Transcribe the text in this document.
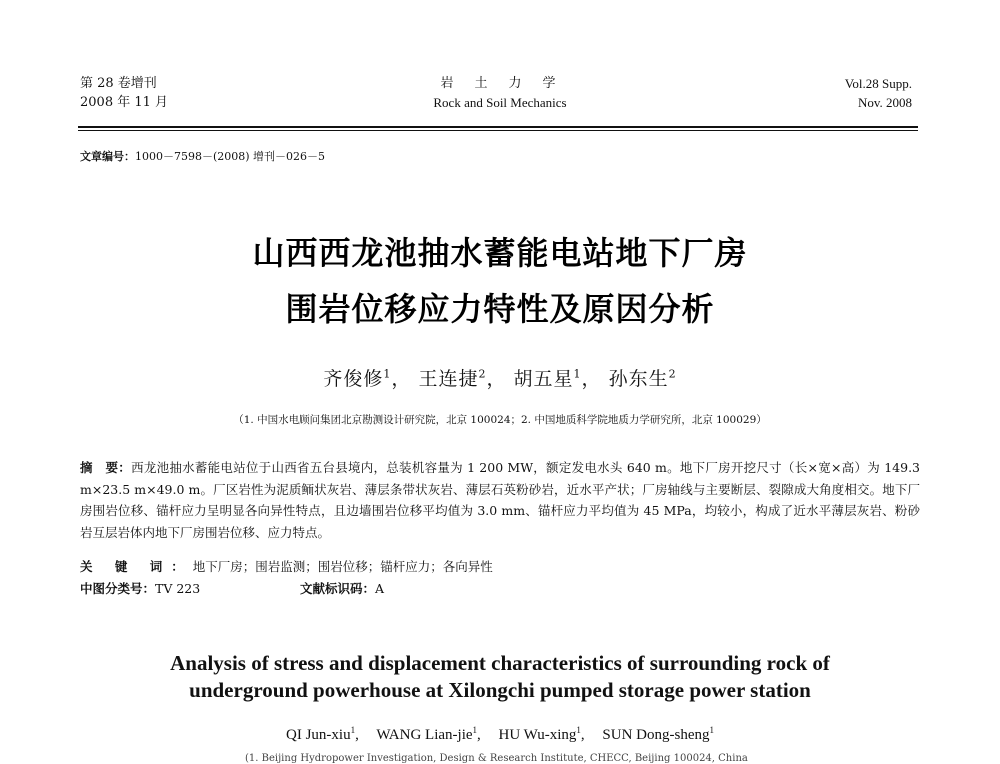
第 28 卷增刊
2008 年 11 月
岩　土　力　学
Rock and Soil Mechanics
Vol.28 Supp.
Nov. 2008
文章编号：1000－7598－(2008) 增刊－026－5
山西西龙池抽水蓄能电站地下厂房
围岩位移应力特性及原因分析
齐俊修$^1$， 王连捷$^2$， 胡五星$^1$， 孙东生$^2$
（1. 中国水电顾问集团北京勘测设计研究院，北京 100024；2. 中国地质科学院地质力学研究所，北京 100029）
摘　要：西龙池抽水蓄能电站位于山西省五台县境内，总装机容量为 1 200 MW，额定发电水头 640 m。地下厂房开挖尺寸（长×宽×高）为 149.3 m×23.5 m×49.0 m。厂区岩性为泥质鲕状灰岩、薄层条带状灰岩、薄层石英粉砂岩，近水平产状；厂房轴线与主要断层、裂隙成大角度相交。地下厂房围岩位移、锚杆应力呈明显各向异性特点，且边墙围岩位移平均值为 3.0 mm、锚杆应力平均值为 45 MPa，均较小，构成了近水平薄层灰岩、粉砂岩互层岩体内地下厂房围岩位移、应力特点。
关 键 词：地下厂房；围岩监测；围岩位移；锚杆应力；各向异性
中图分类号：TV 223	文献标识码：A
Analysis of stress and displacement characteristics of surrounding rock of
underground powerhouse at Xilongchi pumped storage power station
QI Jun-xiu$^1$, WANG Lian-jie$^1$, HU Wu-xing$^1$, SUN Dong-sheng$^1$
(1. Beijing Hydropower Investigation, Design & Research Institute, CHECC, Beijing 100024, China
